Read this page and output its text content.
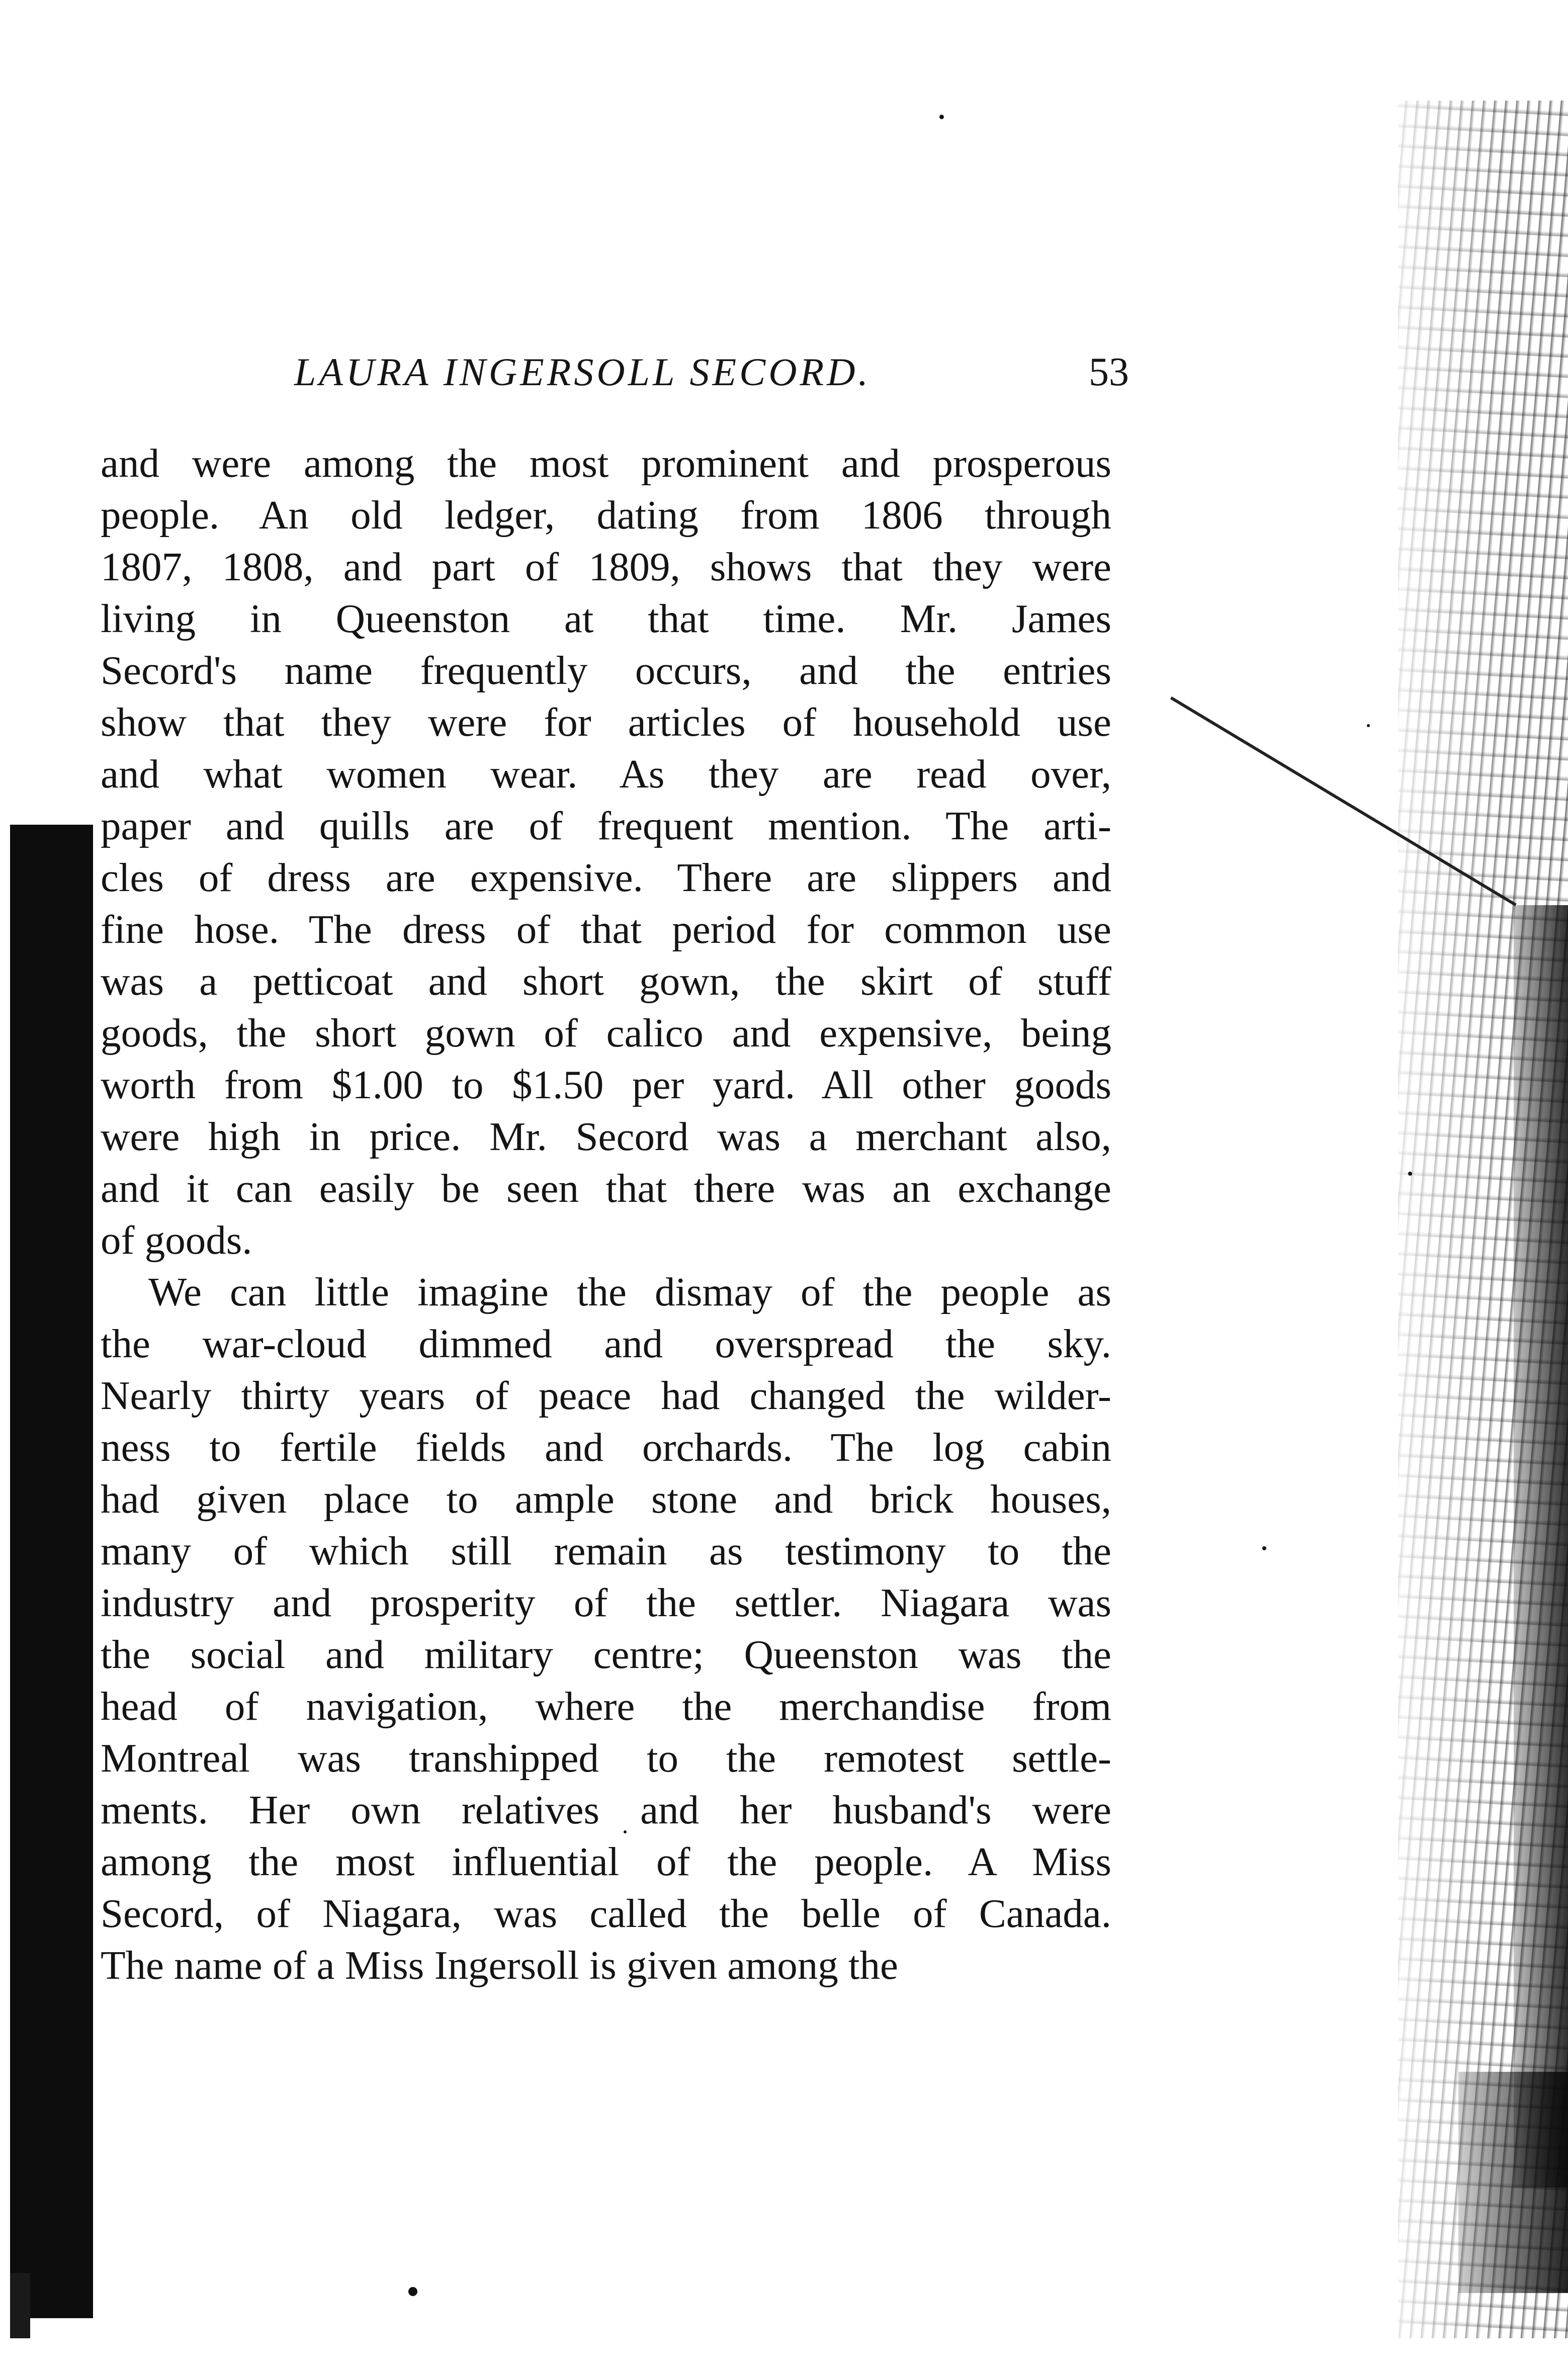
LAURA INGERSOLL SECORD.	53

and were among the most prominent and prosperous

people. An old ledger, dating from 1806 through

1807, 1808, and part of 1809, shows that they were

living in Queenston at that time. Mr. James

Secord's name frequently occurs, and the entries

show that they were for articles of household use

and what women wear. As they are read over,

paper and quills are of frequent mention. The arti-

cles of dress are expensive. There are slippers and

fine hose. The dress of that period for common use

was a petticoat and short gown, the skirt of stuff

goods, the short gown of calico and expensive, being

worth from $1.00 to $1.50 per yard. All other goods

were high in price. Mr. Secord was a merchant also,

and it can easily be seen that there was an exchange

of goods.

We can little imagine the dismay of the people as

the war-cloud dimmed and overspread the sky.

Nearly thirty years of peace had changed the wilder-

ness to fertile fields and orchards. The log cabin

had given place to ample stone and brick houses,

many of which still remain as testimony to the

industry and prosperity of the settler. Niagara was

the social and military centre; Queenston was the

head of navigation, where the merchandise from

Montreal was transhipped to the remotest settle-

ments. Her own relatives and her husband's were

among the most influential of the people. A Miss

Secord, of Niagara, was called the belle of Canada.

The name of a Miss Ingersoll is given among the
